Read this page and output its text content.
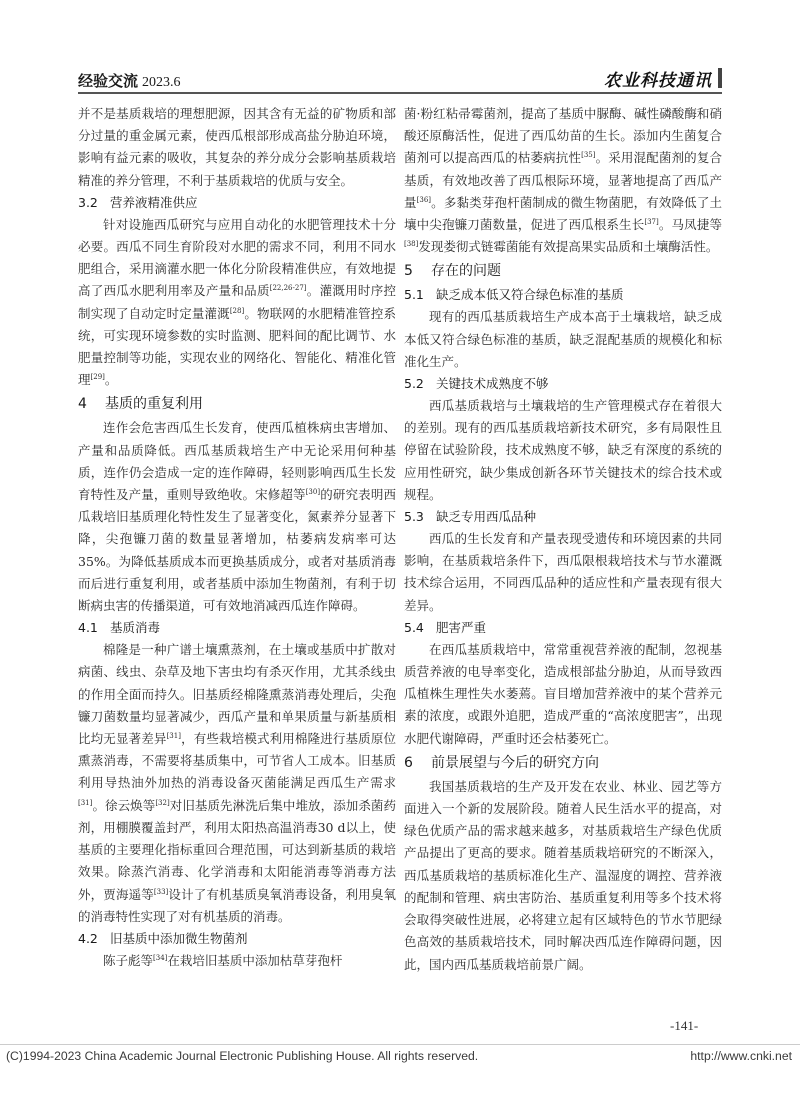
经验交流 2023.6	农业科技通讯

并不是基质栽培的理想肥源，因其含有无益的矿物质和部分过量的重金属元素，使西瓜根部形成高盐分胁迫环境，影响有益元素的吸收，其复杂的养分成分会影响基质栽培精准的养分管理，不利于基质栽培的优质与安全。

3.2 营养液精准供应

针对设施西瓜研究与应用自动化的水肥管理技术十分必要。西瓜不同生育阶段对水肥的需求不同，利用不同水肥组合，采用滴灌水肥一体化分阶段精准供应，有效地提高了西瓜水肥利用率及产量和品质[22,26-27]。灌溉用时序控制实现了自动定时定量灌溉[28]。物联网的水肥精准管控系统，可实现环境参数的实时监测、肥料间的配比调节、水肥量控制等功能，实现农业的网络化、智能化、精准化管理[29]。

4 基质的重复利用

连作会危害西瓜生长发育，使西瓜植株病虫害增加、产量和品质降低。西瓜基质栽培生产中无论采用何种基质，连作仍会造成一定的连作障碍，轻则影响西瓜生长发育特性及产量，重则导致绝收。宋修超等[30]的研究表明西瓜栽培旧基质理化特性发生了显著变化，氮素养分显著下降，尖孢镰刀菌的数量显著增加，枯萎病发病率可达35%。为降低基质成本而更换基质成分，或者对基质消毒而后进行重复利用，或者基质中添加生物菌剂，有利于切断病虫害的传播渠道，可有效地消减西瓜连作障碍。

4.1 基质消毒

棉隆是一种广谱土壤熏蒸剂，在土壤或基质中扩散对病菌、线虫、杂草及地下害虫均有杀灭作用，尤其杀线虫的作用全面而持久。旧基质经棉隆熏蒸消毒处理后，尖孢镰刀菌数量均显著减少，西瓜产量和单果质量与新基质相比均无显著差异[31]，有些栽培模式利用棉隆进行基质原位熏蒸消毒，不需要将基质集中，可节省人工成本。旧基质利用导热油外加热的消毒设备灭菌能满足西瓜生产需求[31]。徐云焕等[32]对旧基质先淋洗后集中堆放，添加杀菌药剂，用棚膜覆盖封严，利用太阳热高温消毒30 d以上，使基质的主要理化指标重回合理范围，可达到新基质的栽培效果。除蒸汽消毒、化学消毒和太阳能消毒等消毒方法外，贾海遥等[33]设计了有机基质臭氧消毒设备，利用臭氧的消毒特性实现了对有机基质的消毒。

4.2 旧基质中添加微生物菌剂

陈子彪等[34]在栽培旧基质中添加枯草芽孢杆

菌·粉红粘帚霉菌剂，提高了基质中脲酶、碱性磷酸酶和硝酸还原酶活性，促进了西瓜幼苗的生长。添加内生菌复合菌剂可以提高西瓜的枯萎病抗性[35]。采用混配菌剂的复合基质，有效地改善了西瓜根际环境，显著地提高了西瓜产量[36]。多黏类芽孢杆菌制成的微生物菌肥，有效降低了土壤中尖孢镰刀菌数量，促进了西瓜根系生长[37]。马凤捷等[38]发现娄彻式链霉菌能有效提高果实品质和土壤酶活性。

5 存在的问题
5.1 缺乏成本低又符合绿色标准的基质

现有的西瓜基质栽培生产成本高于土壤栽培，缺乏成本低又符合绿色标准的基质，缺乏混配基质的规模化和标准化生产。

5.2 关键技术成熟度不够

西瓜基质栽培与土壤栽培的生产管理模式存在着很大的差别。现有的西瓜基质栽培新技术研究，多有局限性且停留在试验阶段，技术成熟度不够，缺乏有深度的系统的应用性研究，缺少集成创新各环节关键技术的综合技术或规程。

5.3 缺乏专用西瓜品种

西瓜的生长发育和产量表现受遗传和环境因素的共同影响，在基质栽培条件下，西瓜限根栽培技术与节水灌溉技术综合运用，不同西瓜品种的适应性和产量表现有很大差异。

5.4 肥害严重

在西瓜基质栽培中，常常重视营养液的配制，忽视基质营养液的电导率变化，造成根部盐分胁迫，从而导致西瓜植株生理性失水萎蔫。盲目增加营养液中的某个营养元素的浓度，或跟外追肥，造成严重的“高浓度肥害”，出现水肥代谢障碍，严重时还会枯萎死亡。

6 前景展望与今后的研究方向

我国基质栽培的生产及开发在农业、林业、园艺等方面进入一个新的发展阶段。随着人民生活水平的提高，对绿色优质产品的需求越来越多，对基质栽培生产绿色优质产品提出了更高的要求。随着基质栽培研究的不断深入，西瓜基质栽培的基质标准化生产、温湿度的调控、营养液的配制和管理、病虫害防治、基质重复利用等多个技术将会取得突破性进展，必将建立起有区域特色的节水节肥绿色高效的基质栽培技术，同时解决西瓜连作障碍问题，因此，国内西瓜基质栽培前景广阔。

-141-
(C)1994-2023 China Academic Journal Electronic Publishing House. All rights reserved.	http://www.cnki.net
